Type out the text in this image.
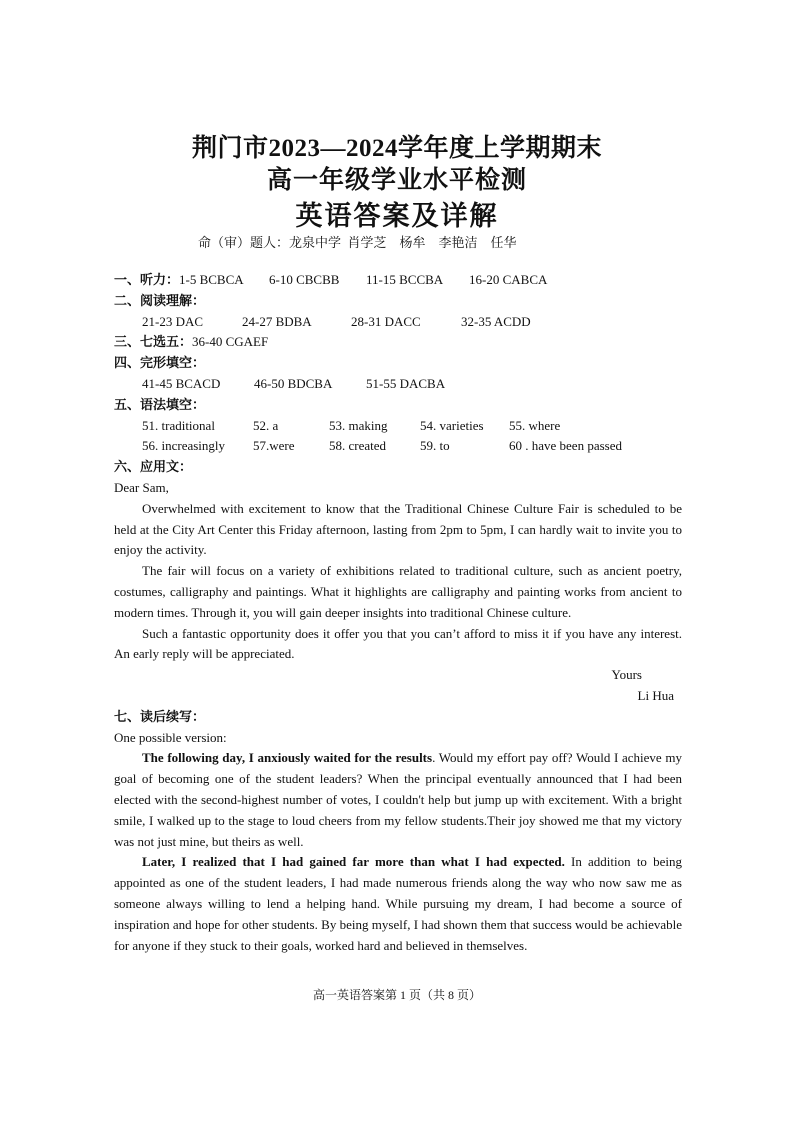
荆门市2023—2024学年度上学期期末
高一年级学业水平检测
英语答案及详解
命（审）题人：龙泉中学  肖学芝    杨牟    李艳洁    任华
一、听力： 1-5 BCBCA	6-10 CBCBB	11-15 BCCBA	16-20 CABCA
二、阅读理解：
21-23 DAC	24-27 BDBA	28-31 DACC	32-35 ACDD
三、七选五： 36-40 CGAEF
四、完形填空：
41-45 BCACD	46-50 BDCBA	51-55 DACBA
五、语法填空：
51. traditional	52. a	53. making	54. varieties	55. where
56. increasingly	57.were	58. created	59. to	60 . have been passed
六、应用文：

Dear Sam,

Overwhelmed with excitement to know that the Traditional Chinese Culture Fair is scheduled to be held at the City Art Center this Friday afternoon, lasting from 2pm to 5pm, I can hardly wait to invite you to enjoy the activity.

The fair will focus on a variety of exhibitions related to traditional culture, such as ancient poetry, costumes, calligraphy and paintings. What it highlights are calligraphy and painting works from ancient to modern times. Through it, you will gain deeper insights into traditional Chinese culture.

Such a fantastic opportunity does it offer you that you can’t afford to miss it if you have any interest. An early reply will be appreciated.

Yours
Li Hua
七、读后续写：

One possible version:

The following day, I anxiously waited for the results. Would my effort pay off? Would I achieve my goal of becoming one of the student leaders? When the principal eventually announced that I had been elected with the second-highest number of votes, I couldn't help but jump up with excitement. With a bright smile, I walked up to the stage to loud cheers from my fellow students.Their joy showed me that my victory was not just mine, but theirs as well.

Later, I realized that I had gained far more than what I had expected. In addition to being appointed as one of the student leaders, I had made numerous friends along the way who now saw me as someone always willing to lend a helping hand. While pursuing my dream, I had become a source of inspiration and hope for other students. By being myself, I had shown them that success would be achievable for anyone if they stuck to their goals, worked hard and believed in themselves.

高一英语答案第 1 页（共 8 页）
